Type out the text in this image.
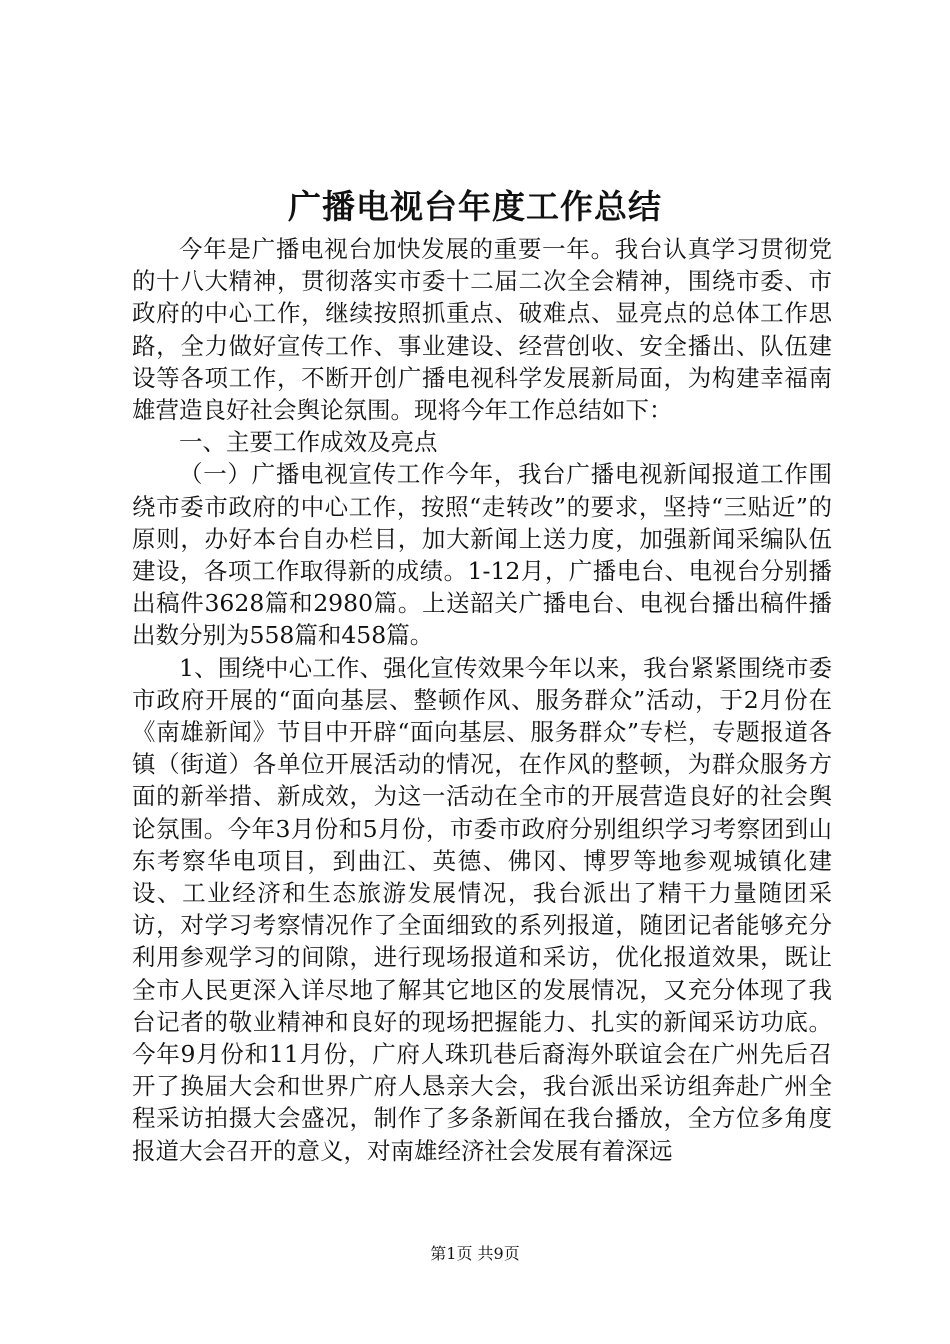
广播电视台年度工作总结

今年是广播电视台加快发展的重要一年。我台认真学习贯彻党的十八大精神，贯彻落实市委十二届二次全会精神，围绕市委、市政府的中心工作，继续按照抓重点、破难点、显亮点的总体工作思路，全力做好宣传工作、事业建设、经营创收、安全播出、队伍建设等各项工作，不断开创广播电视科学发展新局面，为构建幸福南雄营造良好社会舆论氛围。现将今年工作总结如下：

一、主要工作成效及亮点

（一）广播电视宣传工作今年，我台广播电视新闻报道工作围绕市委市政府的中心工作，按照“走转改”的要求，坚持“三贴近”的原则，办好本台自办栏目，加大新闻上送力度，加强新闻采编队伍建设，各项工作取得新的成绩。1-12月，广播电台、电视台分别播出稿件3628篇和2980篇。上送韶关广播电台、电视台播出稿件播出数分别为558篇和458篇。

1、围绕中心工作、强化宣传效果今年以来，我台紧紧围绕市委市政府开展的“面向基层、整顿作风、服务群众”活动，于2月份在《南雄新闻》节目中开辟“面向基层、服务群众”专栏，专题报道各镇（街道）各单位开展活动的情况，在作风的整顿，为群众服务方面的新举措、新成效，为这一活动在全市的开展营造良好的社会舆论氛围。今年3月份和5月份，市委市政府分别组织学习考察团到山东考察华电项目，到曲江、英德、佛冈、博罗等地参观城镇化建设、工业经济和生态旅游发展情况，我台派出了精干力量随团采访，对学习考察情况作了全面细致的系列报道，随团记者能够充分利用参观学习的间隙，进行现场报道和采访，优化报道效果，既让全市人民更深入详尽地了解其它地区的发展情况，又充分体现了我台记者的敬业精神和良好的现场把握能力、扎实的新闻采访功底。今年9月份和11月份，广府人珠玑巷后裔海外联谊会在广州先后召开了换届大会和世界广府人恳亲大会，我台派出采访组奔赴广州全程采访拍摄大会盛况，制作了多条新闻在我台播放，全方位多角度报道大会召开的意义，对南雄经济社会发展有着深远

第1页 共9页
